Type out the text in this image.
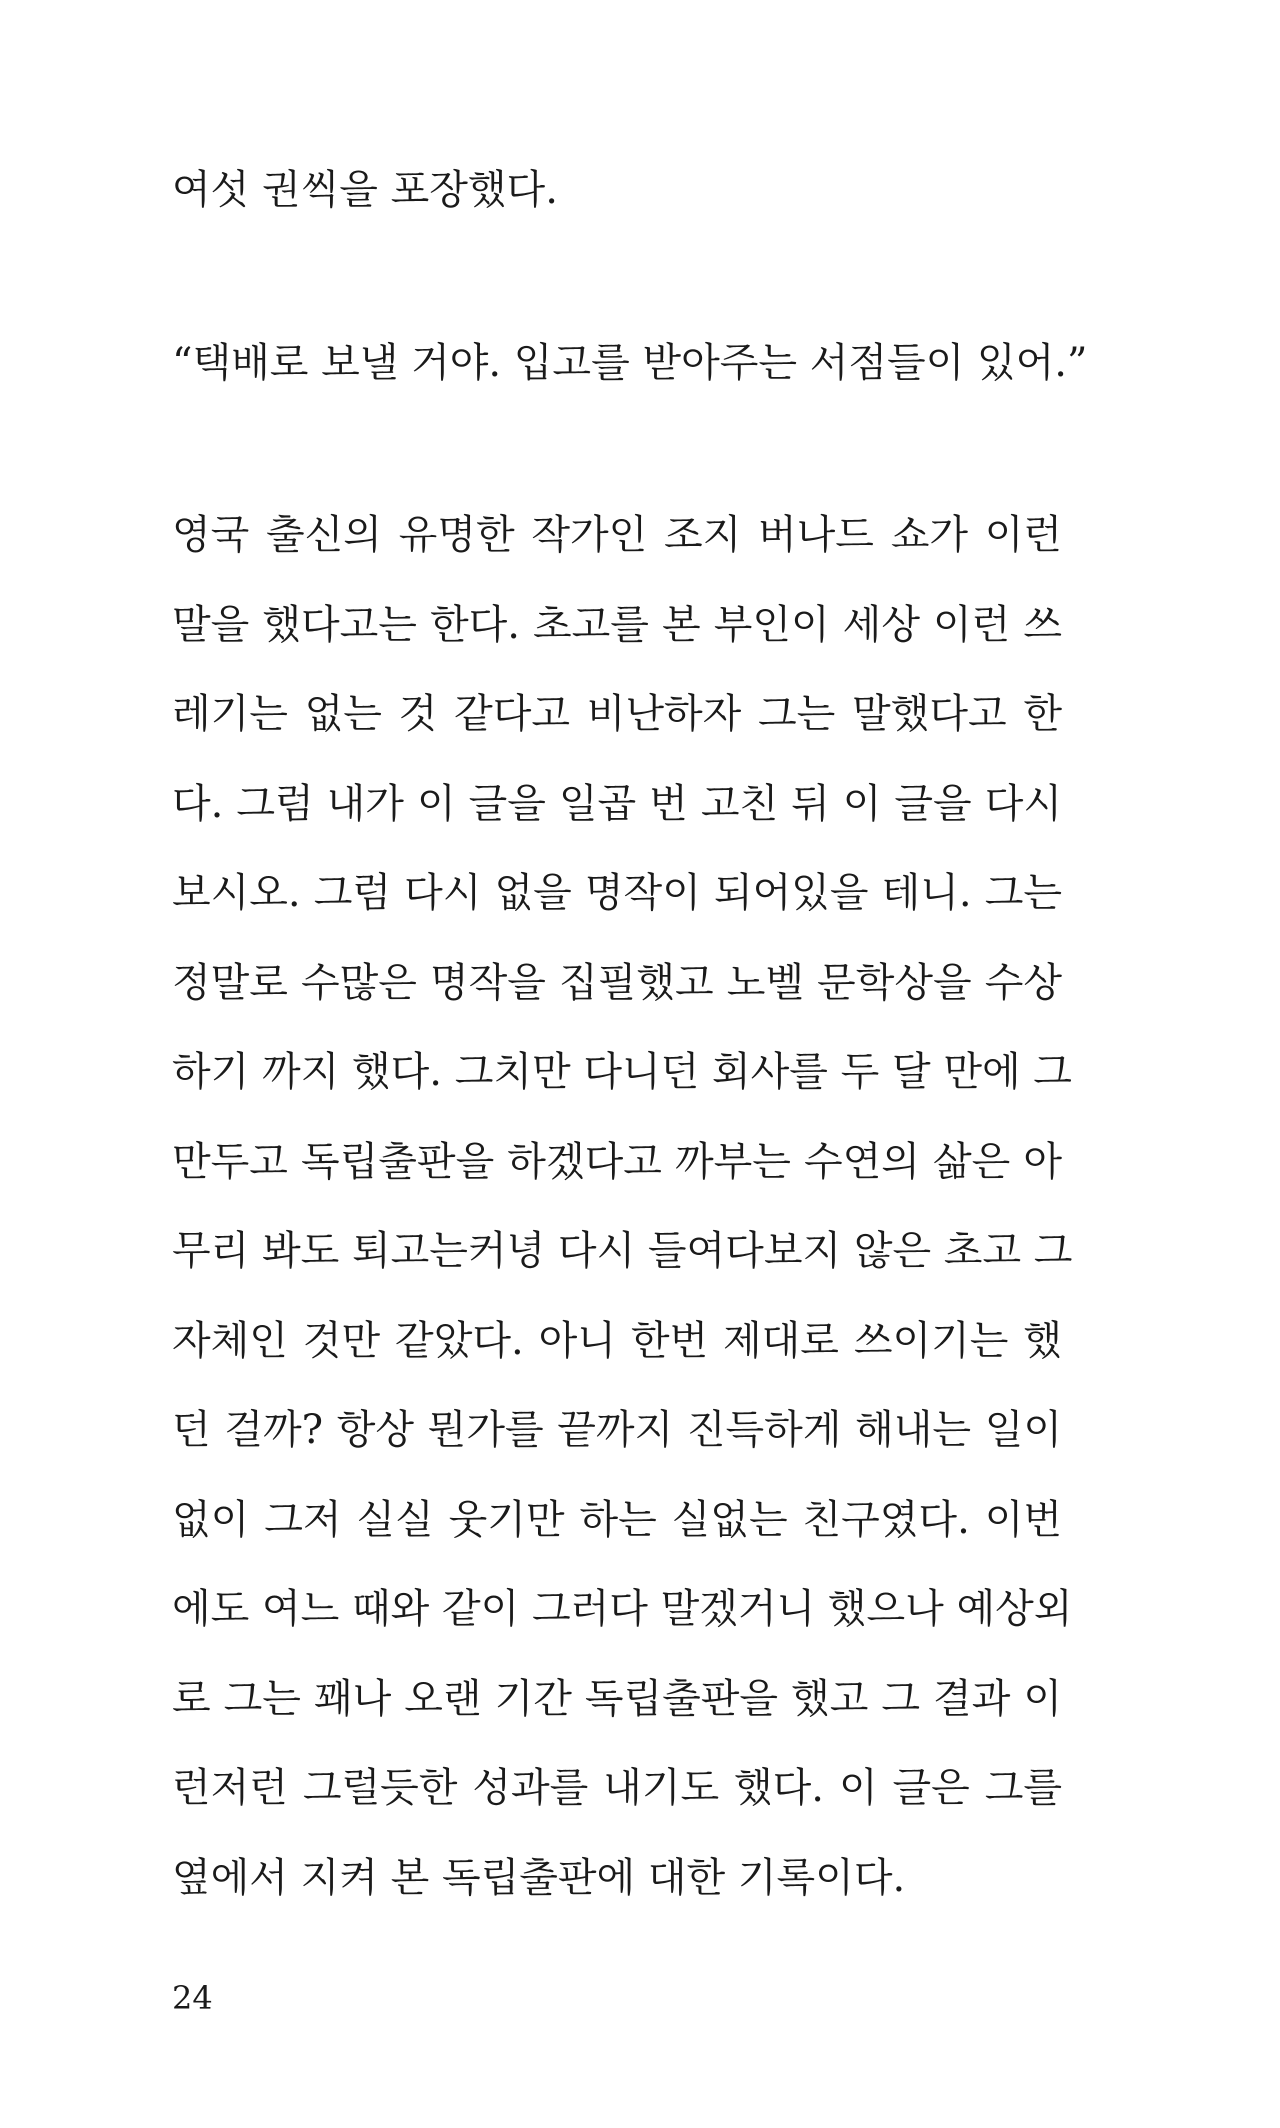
여섯 권씩을 포장했다.
“택배로 보낼 거야. 입고를 받아주는 서점들이 있어.”
영국 출신의 유명한 작가인 조지 버나드 쇼가 이런
말을 했다고는 한다. 초고를 본 부인이 세상 이런 쓰
레기는 없는 것 같다고 비난하자 그는 말했다고 한
다. 그럼 내가 이 글을 일곱 번 고친 뒤 이 글을 다시
보시오. 그럼 다시 없을 명작이 되어있을 테니. 그는
정말로 수많은 명작을 집필했고 노벨 문학상을 수상
하기 까지 했다. 그치만 다니던 회사를 두 달 만에 그
만두고 독립출판을 하겠다고 까부는 수연의 삶은 아
무리 봐도 퇴고는커녕 다시 들여다보지 않은 초고 그
자체인 것만 같았다. 아니 한번 제대로 쓰이기는 했
던 걸까? 항상 뭔가를 끝까지 진득하게 해내는 일이
없이 그저 실실 웃기만 하는 실없는 친구였다. 이번
에도 여느 때와 같이 그러다 말겠거니 했으나 예상외
로 그는 꽤나 오랜 기간 독립출판을 했고 그 결과 이
런저런 그럴듯한 성과를 내기도 했다. 이 글은 그를
옆에서 지켜 본 독립출판에 대한 기록이다.
24
